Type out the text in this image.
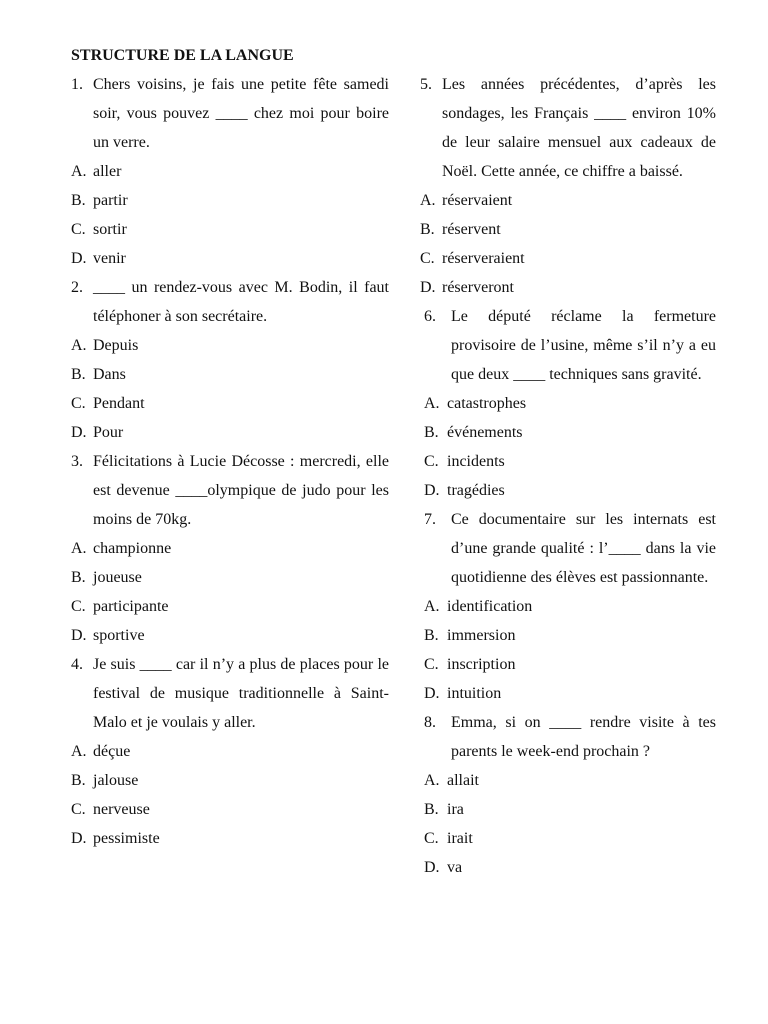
STRUCTURE DE LA LANGUE
1. Chers voisins, je fais une petite fête samedi soir, vous pouvez ____ chez moi pour boire un verre.
A. aller
B. partir
C. sortir
D. venir
2. ____ un rendez-vous avec M. Bodin, il faut téléphoner à son secrétaire.
A. Depuis
B. Dans
C. Pendant
D. Pour
3. Félicitations à Lucie Décosse : mercredi, elle est devenue ____olympique de judo pour les moins de 70kg.
A. championne
B. joueuse
C. participante
D. sportive
4. Je suis ____ car il n’y a plus de places pour le festival de musique traditionnelle à Saint-Malo et je voulais y aller.
A. déçue
B. jalouse
C. nerveuse
D. pessimiste
5. Les années précédentes, d’après les sondages, les Français ____ environ 10% de leur salaire mensuel aux cadeaux de Noël. Cette année, ce chiffre a baissé.
A. réservaient
B. réservent
C. réserveraient
D. réserveront
6. Le député réclame la fermeture provisoire de l’usine, même s’il n’y a eu que deux ____ techniques sans gravité.
A. catastrophes
B. événements
C. incidents
D. tragédies
7. Ce documentaire sur les internats est d’une grande qualité : l’____ dans la vie quotidienne des élèves est passionnante.
A. identification
B. immersion
C. inscription
D. intuition
8. Emma, si on ____ rendre visite à tes parents le week-end prochain ?
A. allait
B. ira
C. irait
D. va
